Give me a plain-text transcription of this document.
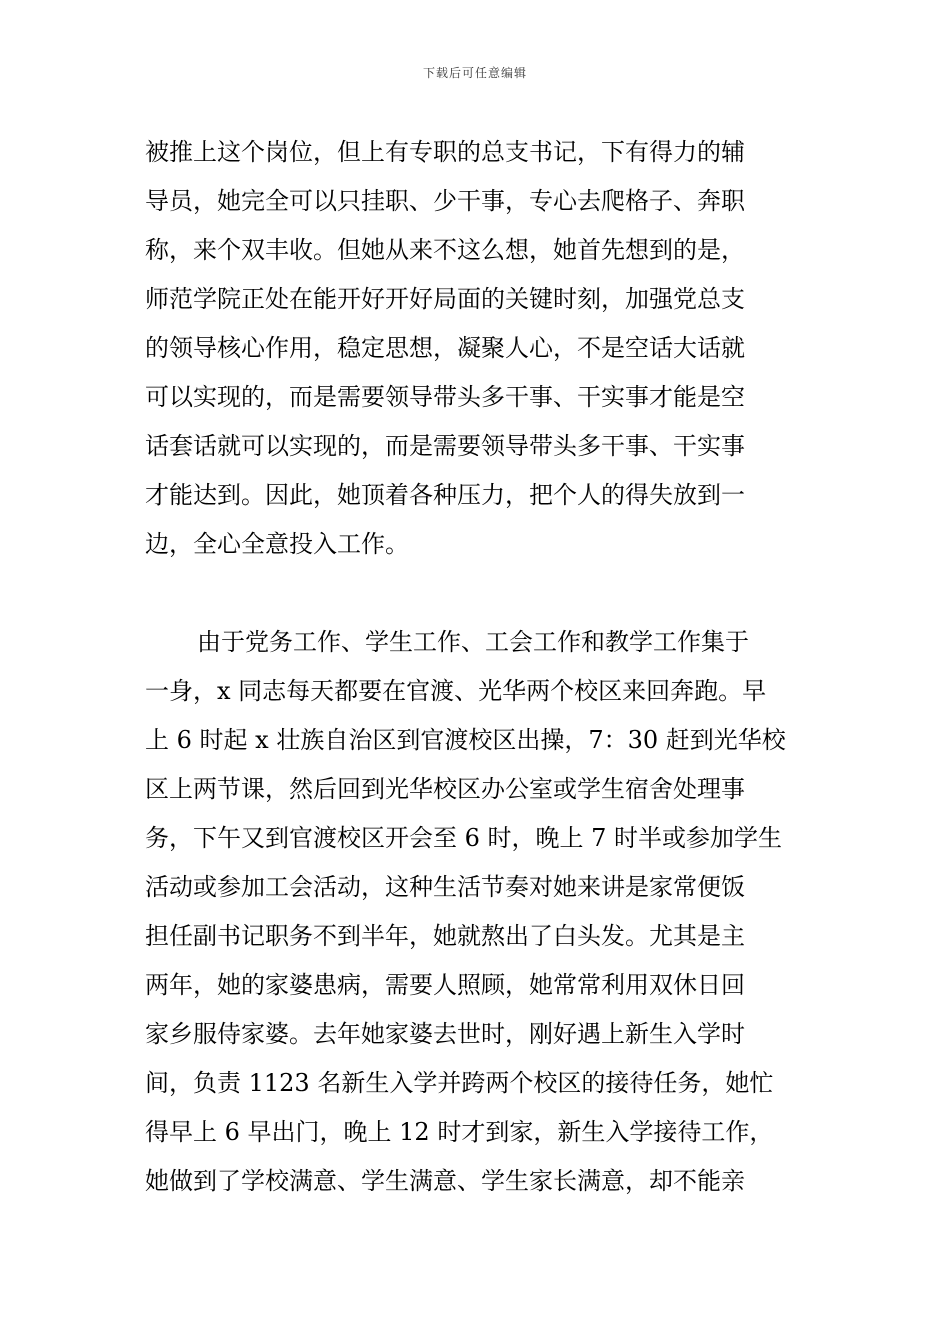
下载后可任意编辑
被推上这个岗位，但上有专职的总支书记，下有得力的辅
导员，她完全可以只挂职、少干事，专心去爬格子、奔职
称，来个双丰收。但她从来不这么想，她首先想到的是，
师范学院正处在能开好开好局面的关键时刻，加强党总支
的领导核心作用，稳定思想，凝聚人心，不是空话大话就
可以实现的，而是需要领导带头多干事、干实事才能是空
话套话就可以实现的，而是需要领导带头多干事、干实事
才能达到。因此，她顶着各种压力，把个人的得失放到一
边，全心全意投入工作。
由于党务工作、学生工作、工会工作和教学工作集于
一身，x 同志每天都要在官渡、光华两个校区来回奔跑。早
上 6 时起 x 壮族自治区到官渡校区出操，7：30 赶到光华校
区上两节课，然后回到光华校区办公室或学生宿舍处理事
务，下午又到官渡校区开会至 6 时，晚上 7 时半或参加学生
活动或参加工会活动，这种生活节奏对她来讲是家常便饭
担任副书记职务不到半年，她就熬出了白头发。尤其是主
两年，她的家婆患病，需要人照顾，她常常利用双休日回
家乡服侍家婆。去年她家婆去世时，刚好遇上新生入学时
间，负责 1123 名新生入学并跨两个校区的接待任务，她忙
得早上 6 早出门，晚上 12 时才到家，新生入学接待工作，
她做到了学校满意、学生满意、学生家长满意，却不能亲
